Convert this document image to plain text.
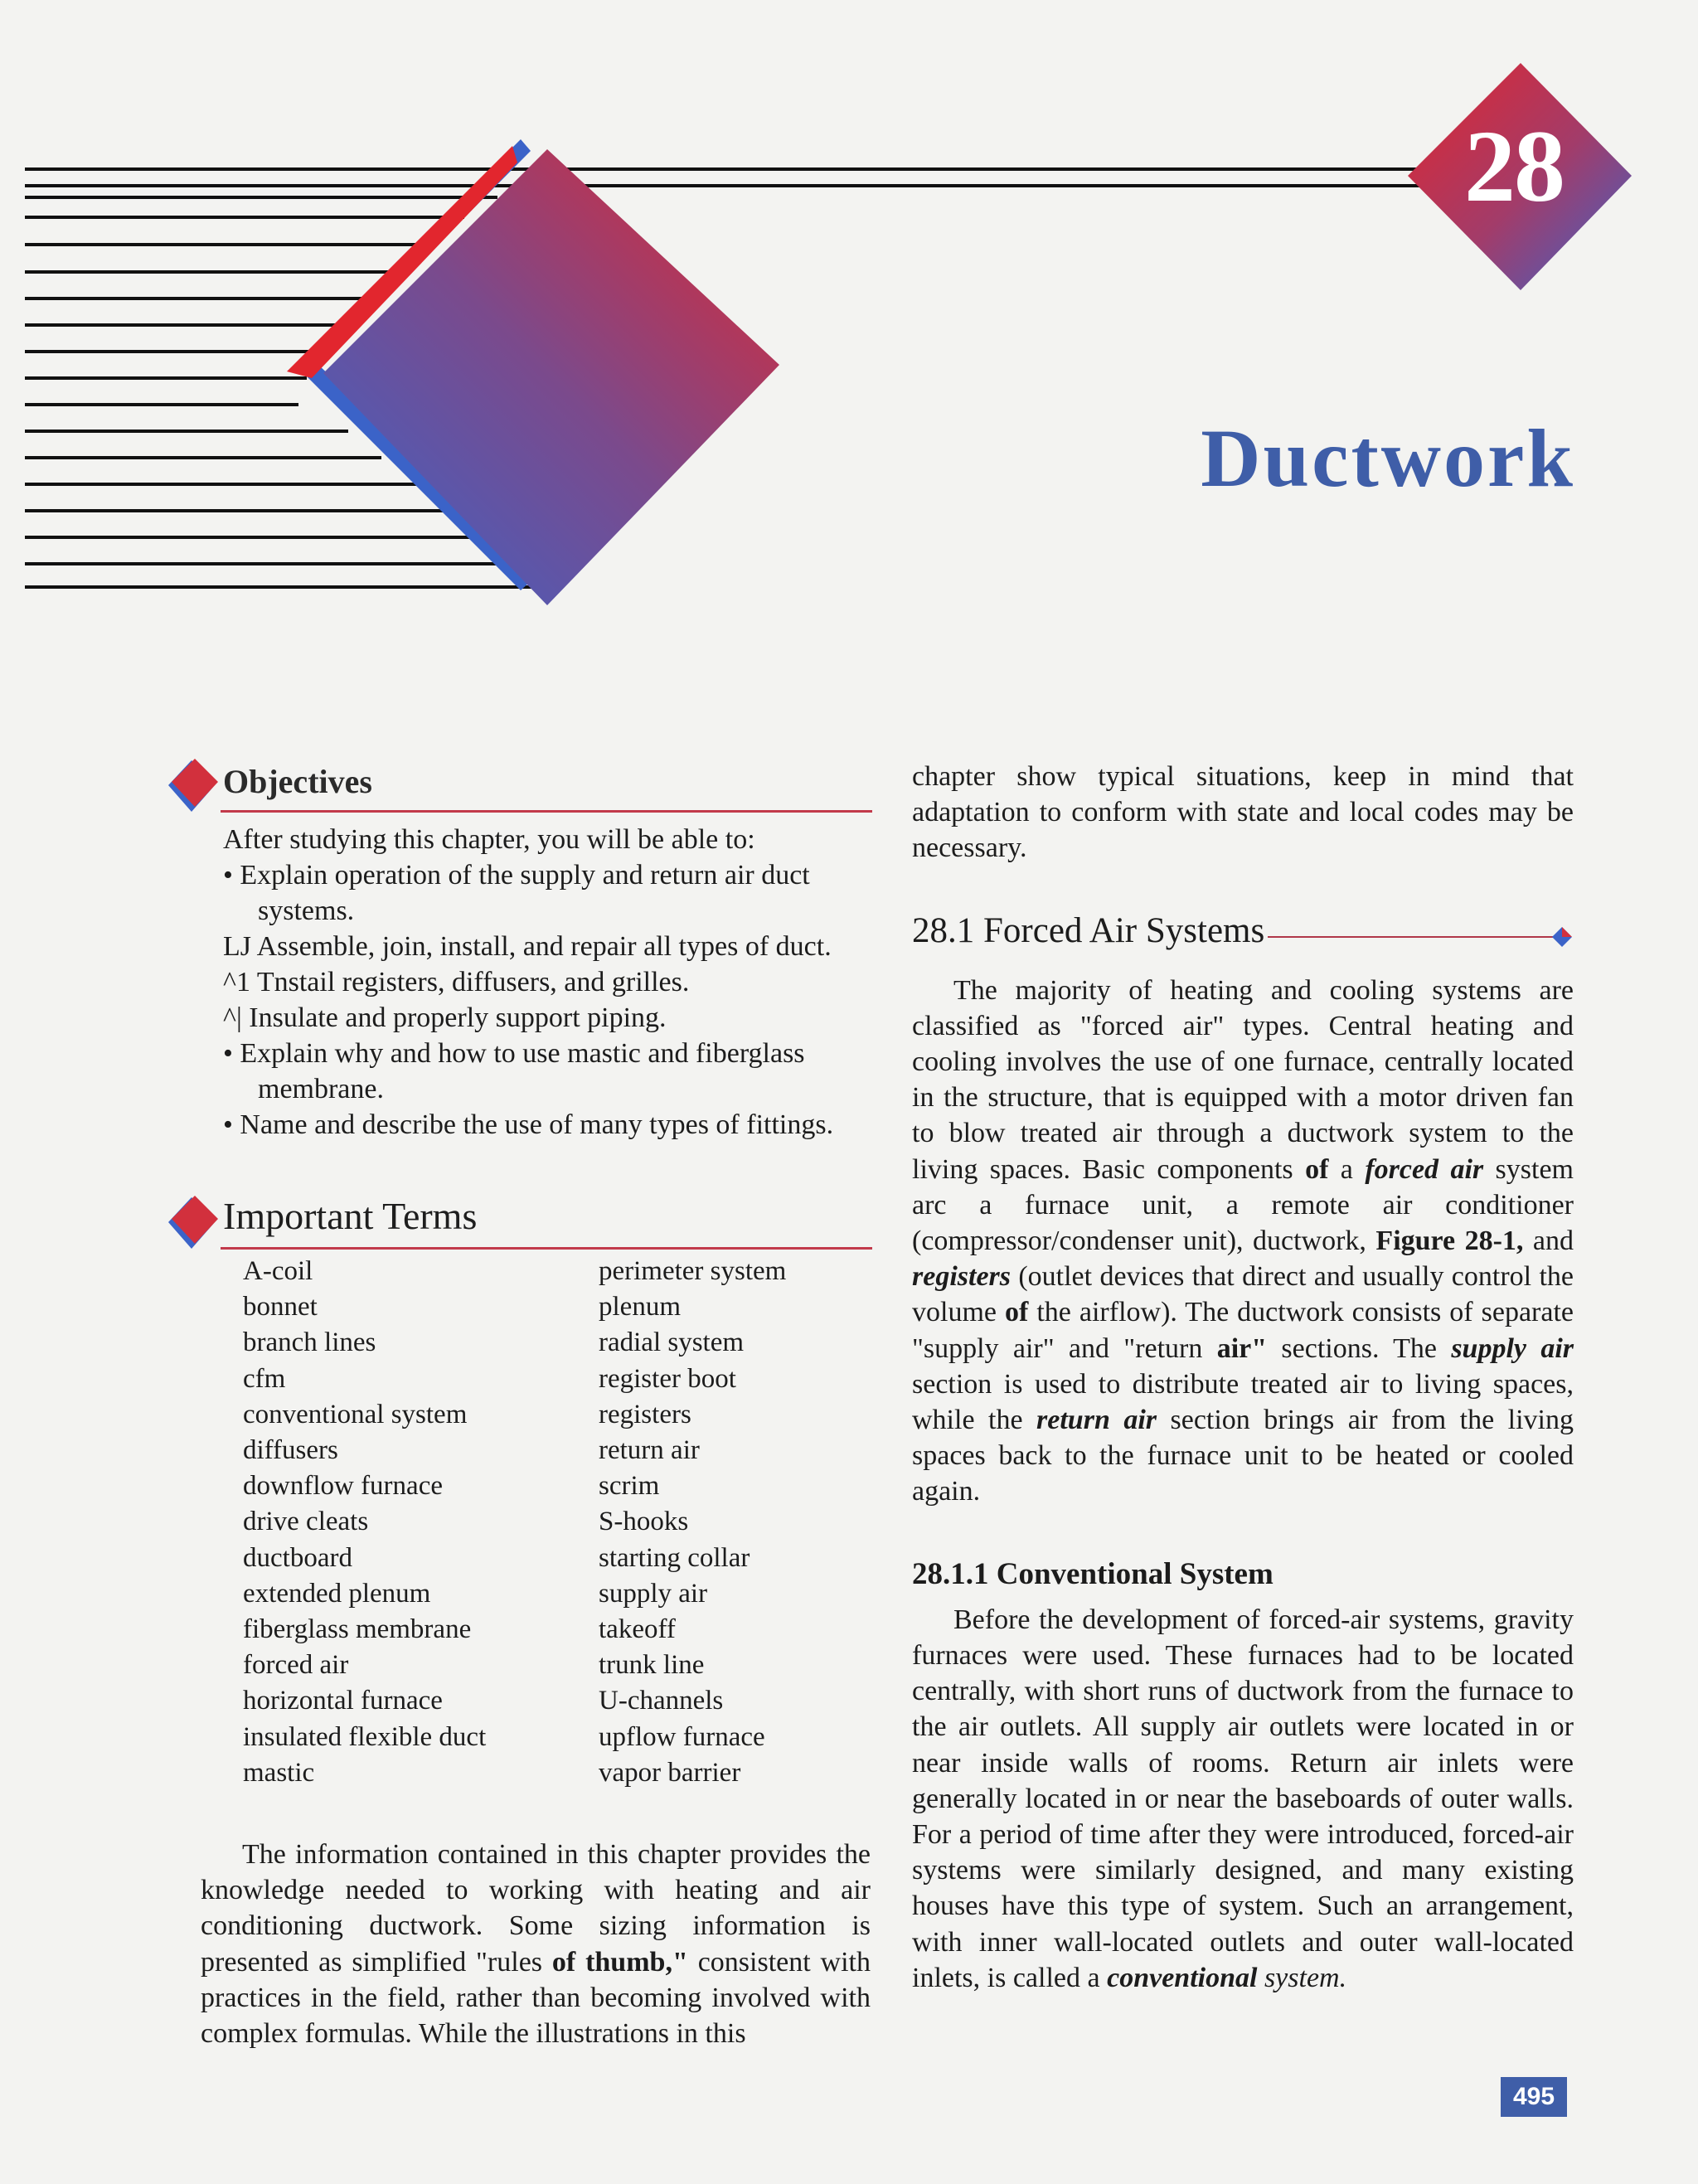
28
Ductwork
Objectives
After studying this chapter, you will be able to:
• Explain operation of the supply and return air duct
systems.
LJ Assemble, join, install, and repair all types of duct.
^1 Tnstail registers, diffusers, and grilles.
^| Insulate and properly support piping.
• Explain why and how to use mastic and fiberglass
membrane.
• Name and describe the use of many types of fittings.
Important Terms
A-coil
bonnet
branch lines
cfm
conventional system
diffusers
downflow furnace
drive cleats
ductboard
extended plenum
fiberglass membrane
forced air
horizontal furnace
insulated flexible duct
mastic
perimeter system
plenum
radial system
register boot
registers
return air
scrim
S-hooks
starting collar
supply air
takeoff
trunk line
U-channels
upflow furnace
vapor barrier

The information contained in this chapter provides the knowledge needed to working with heating and air conditioning ductwork. Some sizing information is presented as simplified "rules of thumb," consistent with practices in the field, rather than becoming involved with complex formulas. While the illustrations in this

chapter show typical situations, keep in mind that adaptation to conform with state and local codes may be necessary.

28.1 Forced Air Systems

The majority of heating and cooling systems are classified as "forced air" types. Central heating and cooling involves the use of one furnace, centrally located in the structure, that is equipped with a motor driven fan to blow treated air through a ductwork system to the living spaces. Basic components of a forced air system arc a furnace unit, a remote air conditioner (compressor/condenser unit), ductwork, Figure 28-1, and registers (outlet devices that direct and usually control the volume of the airflow). The ductwork consists of separate "supply air" and "return air" sections. The supply air section is used to distribute treated air to living spaces, while the return air section brings air from the living spaces back to the furnace unit to be heated or cooled again.

28.1.1 Conventional System

Before the development of forced-air systems, gravity furnaces were used. These furnaces had to be located centrally, with short runs of ductwork from the furnace to the air outlets. All supply air outlets were located in or near inside walls of rooms. Return air inlets were generally located in or near the baseboards of outer walls. For a period of time after they were introduced, forced-air systems were similarly designed, and many existing houses have this type of system. Such an arrangement, with inner wall-located outlets and outer wall-located inlets, is called a conventional system.

495
